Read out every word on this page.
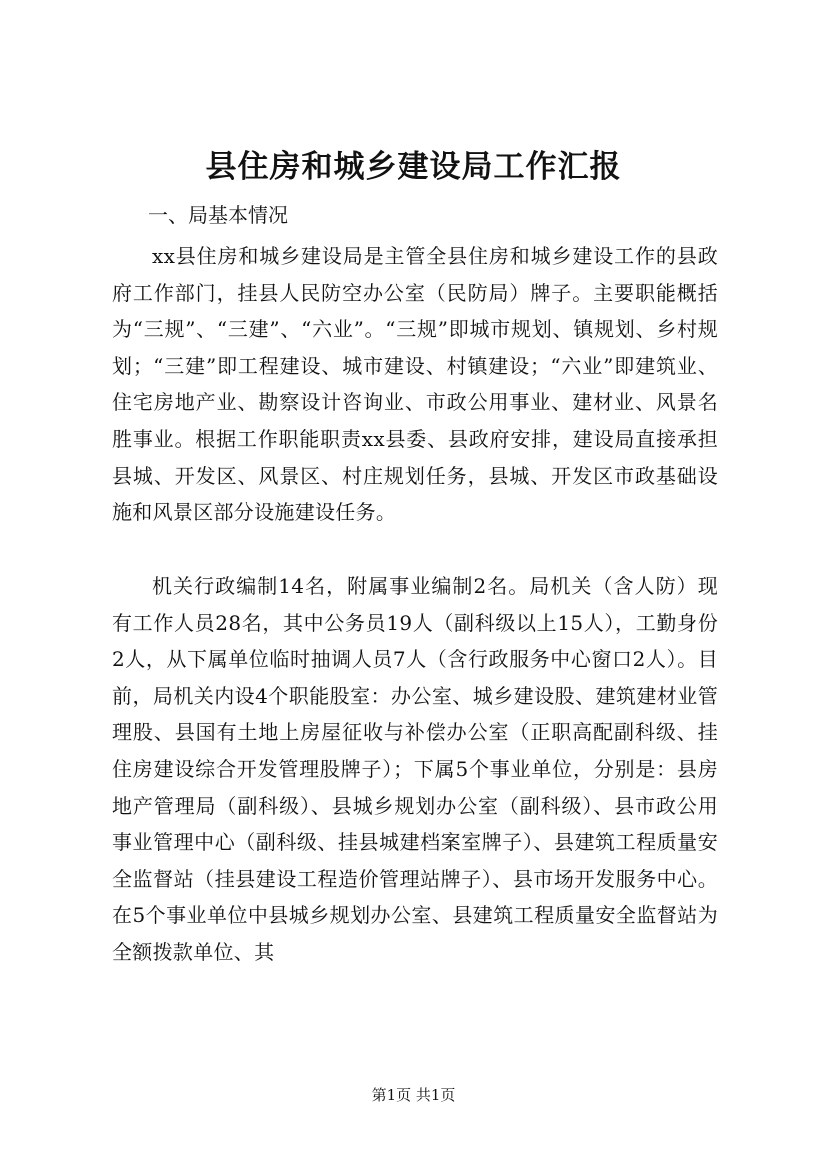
县住房和城乡建设局工作汇报

一、局基本情况

xx县住房和城乡建设局是主管全县住房和城乡建设工作的县政府工作部门，挂县人民防空办公室（民防局）牌子。主要职能概括为“三规”、“三建”、“六业”。“三规”即城市规划、镇规划、乡村规划；“三建”即工程建设、城市建设、村镇建设；“六业”即建筑业、住宅房地产业、勘察设计咨询业、市政公用事业、建材业、风景名胜事业。根据工作职能职责xx县委、县政府安排，建设局直接承担县城、开发区、风景区、村庄规划任务，县城、开发区市政基础设施和风景区部分设施建设任务。

机关行政编制14名，附属事业编制2名。局机关（含人防）现有工作人员28名，其中公务员19人（副科级以上15人），工勤身份2人，从下属单位临时抽调人员7人（含行政服务中心窗口2人）。目前，局机关内设4个职能股室：办公室、城乡建设股、建筑建材业管理股、县国有土地上房屋征收与补偿办公室（正职高配副科级、挂住房建设综合开发管理股牌子）；下属5个事业单位，分别是：县房地产管理局（副科级）、县城乡规划办公室（副科级）、县市政公用事业管理中心（副科级、挂县城建档案室牌子）、县建筑工程质量安全监督站（挂县建设工程造价管理站牌子）、县市场开发服务中心。在5个事业单位中县城乡规划办公室、县建筑工程质量安全监督站为全额拨款单位、其

第1页 共1页
